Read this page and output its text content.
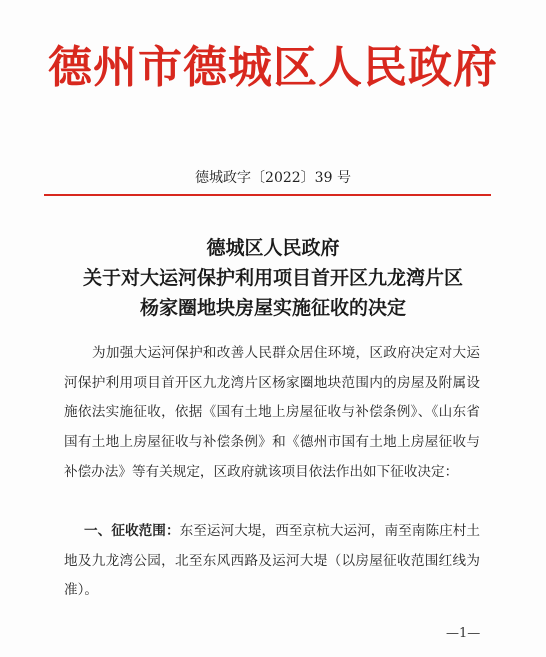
德州市德城区人民政府
德城政字〔2022〕39 号
德城区人民政府
关于对大运河保护利用项目首开区九龙湾片区
杨家圈地块房屋实施征收的决定
为加强大运河保护和改善人民群众居住环境，区政府决定对大运河保护利用项目首开区九龙湾片区杨家圈地块范围内的房屋及附属设施依法实施征收，依据《国有土地上房屋征收与补偿条例》、《山东省国有土地上房屋征收与补偿条例》和《德州市国有土地上房屋征收与补偿办法》等有关规定，区政府就该项目依法作出如下征收决定：
一、征收范围：东至运河大堤，西至京杭大运河，南至南陈庄村土地及九龙湾公园，北至东风西路及运河大堤（以房屋征收范围红线为准）。
—1—
